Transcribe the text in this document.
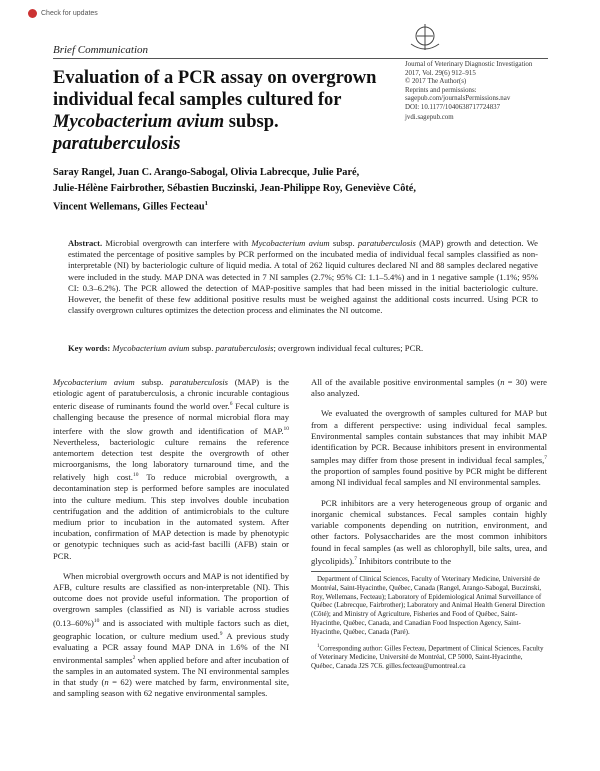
Check for updates
Brief Communication
Evaluation of a PCR assay on overgrown
individual fecal samples cultured for
Mycobacterium avium subsp. paratuberculosis
Journal of Veterinary Diagnostic Investigation
2017, Vol. 29(6) 912–915
© 2017 The Author(s)
Reprints and permissions:
sagepub.com/journalsPermissions.nav
DOI: 10.1177/1040638717724837
jvdi.sagepub.com
Saray Rangel, Juan C. Arango-Sabogal, Olivia Labrecque, Julie Paré,
Julie-Hélène Fairbrother, Sébastien Buczinski, Jean-Philippe Roy, Geneviève Côté,
Vincent Wellemans, Gilles Fecteau$^1$
Abstract. Microbial overgrowth can interfere with Mycobacterium avium subsp. paratuberculosis (MAP) growth and detection. We estimated the percentage of positive samples by PCR performed on the incubated media of individual fecal samples classified as non-interpretable (NI) by bacteriologic culture of liquid media. A total of 262 liquid cultures declared NI and 88 samples declared negative were included in the study. MAP DNA was detected in 7 NI samples (2.7%; 95% CI: 1.1–5.4%) and in 1 negative sample (1.1%; 95% CI: 0.3–6.2%). The PCR allowed the detection of MAP-positive samples that had been missed in the initial bacteriologic culture. However, the benefit of these few additional positive results must be weighed against the additional costs incurred. Using PCR to classify overgrown cultures optimizes the detection process and eliminates the NI outcome.
Key words: Mycobacterium avium subsp. paratuberculosis; overgrown individual fecal cultures; PCR.

Mycobacterium avium subsp. paratuberculosis (MAP) is the etiologic agent of paratuberculosis, a chronic incurable contagious enteric disease of ruminants found the world over.$^6$ Fecal culture is challenging because the presence of normal microbial flora may interfere with the slow growth and identification of MAP.$^{10}$ Nevertheless, bacteriologic culture remains the reference antemortem detection test despite the overgrowth of other microorganisms, the long laboratory turnaround time, and the relatively high cost.$^{10}$ To reduce microbial overgrowth, a decontamination step is performed before samples are inoculated into the culture medium. This step involves double incubation centrifugation and the addition of antimicrobials to the culture medium prior to incubation in the automated system. After incubation, confirmation of MAP detection is made by phenotypic or genotypic techniques such as acid-fast bacilli (AFB) stain or PCR.

When microbial overgrowth occurs and MAP is not identified by AFB, culture results are classified as non-interpretable (NI). This outcome does not provide useful information. The proportion of overgrown samples (classified as NI) is variable across studies $(0.13-60\%)^{10}$ and is associated with multiple factors such as diet, geographic location, or culture medium used.$^9$ A previous study evaluating a PCR assay found MAP DNA in 1.6% of the NI environmental samples$^2$ when applied before and after incubation of the samples in an automated system. The NI environmental samples in that study (n = 62) were matched by farm, environmental site, and sampling season with 62 negative environmental samples.

All of the available positive environmental samples (n = 30) were also analyzed.

We evaluated the overgrowth of samples cultured for MAP but from a different perspective: using individual fecal samples. Environmental samples contain substances that may inhibit MAP identification by PCR. Because inhibitors present in environmental samples may differ from those present in individual fecal samples,$^7$ the proportion of samples found positive by PCR might be different among NI individual fecal samples and NI environmental samples.

PCR inhibitors are a very heterogeneous group of organic and inorganic chemical substances. Fecal samples contain highly variable components depending on nutrition, environment, and other factors. Polysaccharides are the most common inhibitors found in fecal samples (as well as chlorophyll, bile salts, urea, and glycolipids).$^7$ Inhibitors contribute to the

Department of Clinical Sciences, Faculty of Veterinary Medicine, Université de Montréal, Saint-Hyacinthe, Québec, Canada (Rangel, Arango-Sabogal, Buczinski, Roy, Wellemans, Fecteau); Laboratory of Epidemiological Animal Surveillance of Québec (Labrecque, Fairbrother); Laboratory and Animal Health General Direction (Côté); and Ministry of Agriculture, Fisheries and Food of Québec, Saint-Hyacinthe, Québec, Canada, and Canadian Food Inspection Agency, Saint-Hyacinthe, Québec, Canada (Paré).

$^1$Corresponding author: Gilles Fecteau, Department of Clinical Sciences, Faculty of Veterinary Medicine, Université de Montréal, CP 5000, Saint-Hyacinthe, Québec, Canada J2S 7C6. gilles.fecteau@umontreal.ca
